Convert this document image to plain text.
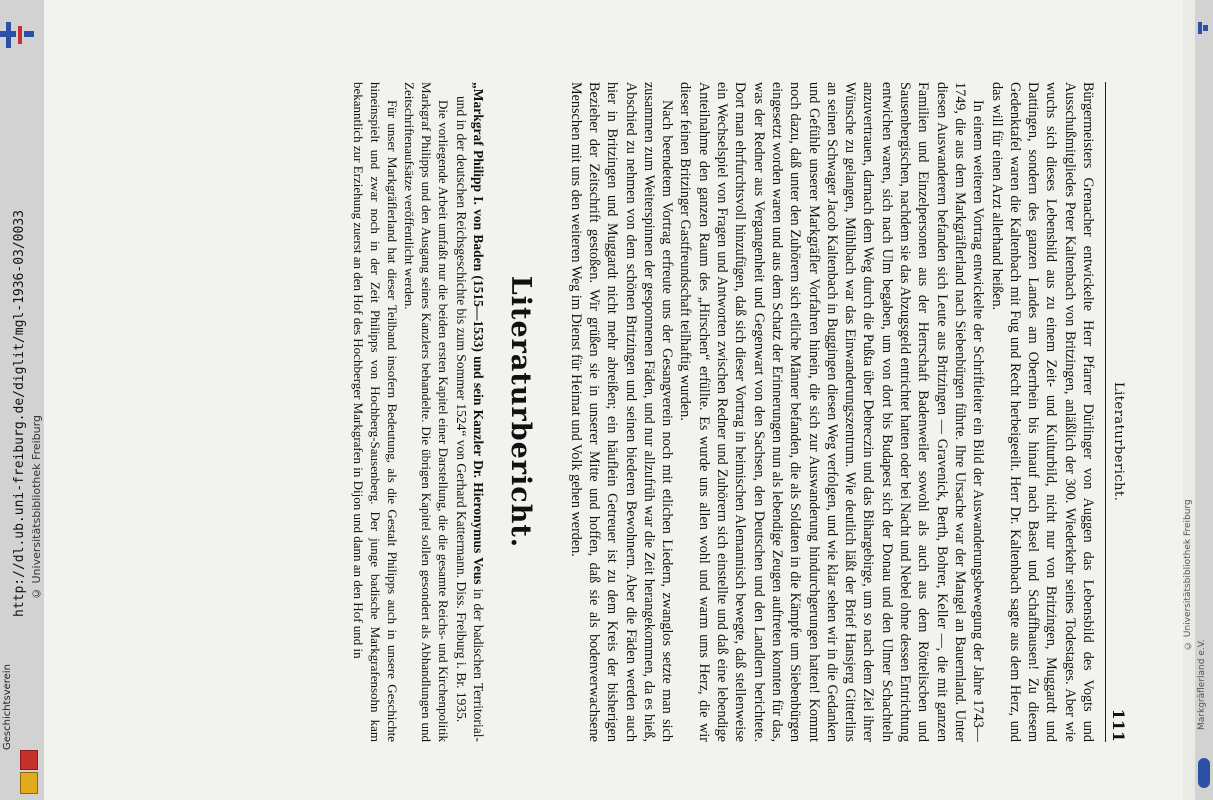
http://dl.ub.uni-freiburg.de/diglit/mgl-1936-03/0033 © Universitätsbibliothek Freiburg
Geschichtsverein
© Universitätsbibliothek Freiburg
Literaturbericht.
111

Bürgermeisters Grenacher entwickelte Herr Pfarrer Dürlinger von Auggen das Lebensbild des Vogts und Ausschußmitgliedes Peter Kaltenbach von Britzingen, anläßlich der 300. Wiederkehr seines Todestages. Aber wie wuchs sich dieses Lebensbild aus zu einem Zeit- und Kulturbild, nicht nur von Britzingen, Muggardt und Dattingen, sondern des ganzen Landes am Oberrhein bis hinauf nach Basel und Schaffhausen! Zu diesem Gedenktafel waren die Kaltenbach mit Fug und Recht herbeigeeilt. Herr Dr. Kaltenbach sagte aus dem Herz, und das will für einen Arzt allerhand heißen.

In einem weiteren Vortrag entwickelte der Schriftleiter ein Bild der Auswanderungsbewegung der Jahre 1743—1749, die aus dem Markgräflerland nach Siebenbürgen führte. Ihre Ursache war der Mangel an Bauernland. Unter diesen Auswanderern befanden sich Leute aus Britzingen — Gravenick, Berth, Bohrer, Keller —, die mit ganzen Familien und Einzelpersonen aus der Herrschaft Badenweiler sowohl als auch aus dem Rötteliscben und Sausenbergischen, nachdem sie das Abzugsgeld entrichtet hatten oder bei Nacht und Nebel ohne dessen Entrichtung entwichen waren, sich nach Ulm begaben, um von dort bis Budapest sich der Donau und den Ulmer Schachteln anzuvertrauen, darnach dem Weg durch die Pußta über Debreczin und das Bihargebirge, um so nach dem Ziel ihrer Wünsche zu gelangen, Mühlbach war das Einwanderungszentrum. Wie deutlich läßt der Brief Hansjerg Gitterlins an seinen Schwager Jacob Kaltenbach in Buggingen diesen Weg verfolgen, und wie klar sehen wir in die Gedanken und Gefühle unserer Markgräfler Vorfahren hinein, die sich zur Auswanderung hindurchgerungen hatten! Kommt noch dazu, daß unter den Zuhörern sich etliche Männer befanden, die als Soldaten in die Kämpfe um Siebenbürgen eingesetzt worden waren und aus dem Schatz der Erinnerungen nun als lebendige Zeugen auftreten konnten für das, was der Redner aus Vergangenheit und Gegenwart von den Sachsen, den Deutschen und den Landlern berichtete. Dort man ehrfurchtsvoll hinzufügen, daß sich dieser Vortrag in heimischen Alemannisch bewegte, daß stellenweise ein Wechselspiel von Fragen und Antworten zwischen Redner und Zuhörern sich einstellte und daß eine lebendige Anteilnahme den ganzen Raum des „Hirschen“ erfüllte. Es wurde uns allen wohl und warm ums Herz, die wir dieser feinen Britzinger Gastfreundschaft teilhaftig wurden.

Nach beendetem Vortrag erfreute uns der Gesangverein noch mit etlichen Liedern, zwanglos setzte man sich zusammen zum Weiterspinnen der gesponnenen Fäden, und nur allzufrüh war die Zeit herangekommen, da es hieß, Abschied zu nehmen von dem schönen Britzingen und seinen biederen Bewohnern. Aber die Fäden werden auch hier in Britzingen und Muggardt nicht mehr abreißen; ein häuflein Getreuer ist zu dem Kreis der bisherigen Bezieher der Zeitschrift gestoßen. Wir grüßen sie in unserer Mitte und hoffen, daß sie als bodenverwachsene Menschen mit uns den weiteren Weg im Dienst für Heimat und Volk gehen werden.

Literaturbericht.
„Markgraf Philipp I. von Baden (1515—1533) und sein Kanzler Dr. Hieronymus Veus in der badischen Territorial- und in der deutschen Reichsgeschichte bis zum Sommer 1524“ von Gerhard Kattermann. Diss. Freiburg i. Br. 1935.

Die vorliegende Arbeit umfaßt nur die beiden ersten Kapitel einer Darstellung, die die gesamte Reichs- und Kirchenpolitik Markgraf Philipps und den Ausgang seines Kanzlers behandelte. Die übrigen Kapitel sollen gesondert als Abhandlungen und Zeitschriftenaufsätze veröffentlicht werden.

Für unser Markgräflerland hat dieser Teilband insofern Bedeutung, als die Gestalt Philipps auch in unsere Geschichte hineinspielt und zwar noch in der Zeit Philipps von Hochberg-Sausenberg. Der junge badische Markgrafensohn kam bekanntlich zur Erziehung zuerst an den Hof des Hochberger Markgrafen in Dijon und dann an den Hof und in

Markgräflerland e.V.
